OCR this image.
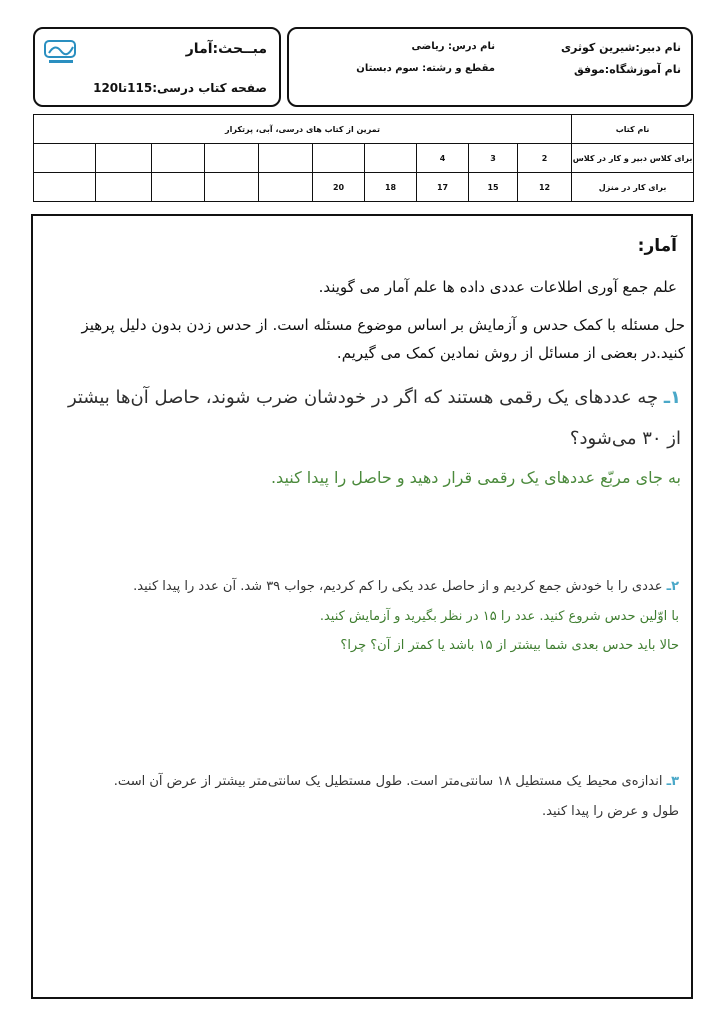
مبــحث:آمار
صفحه کتاب درسی:115تا120
نام دبیر:شیرین کوثری
نام آموزشگاه:موفق
نام درس: ریاضی
مقطع و رشته: سوم دبستان
نام کتاب	تمرین از کتاب های درسی، آبی، پرتکرار									
برای کلاس دبیر و کار در کلاس	2	3	4							
برای کار در منزل	12	15	17	18	20					
آمار:
علم جمع آوری اطلاعات عددی داده ها علم آمار می گویند.
حل مسئله با کمک حدس و آزمایش بر اساس موضوع مسئله است. از حدس زدن بدون دلیل پرهیز
کنید.در بعضی از مسائل از روش نمادین کمک می گیریم.
۱ـ چه عددهای یک رقمی هستند که اگر در خودشان ضرب شوند، حاصل آن‌ها بیشتر
از ۳۰ می‌شود؟
به جای مربّع عددهای یک رقمی قرار دهید و حاصل را پیدا کنید.
۲ـ عددی را با خودش جمع کردیم و از حاصل عدد یکی را کم کردیم، جواب ۳۹ شد. آن عدد را پیدا کنید.
با اوّلین حدس شروع کنید. عدد را ۱۵ در نظر بگیرید و آزمایش کنید.
حالا باید حدس بعدی شما بیشتر از ۱۵ باشد یا کمتر از آن؟ چرا؟
۳ـ اندازه‌ی محیط یک مستطیل ۱۸ سانتی‌متر است. طول مستطیل یک سانتی‌متر بیشتر از عرض آن است.
طول و عرض را پیدا کنید.
